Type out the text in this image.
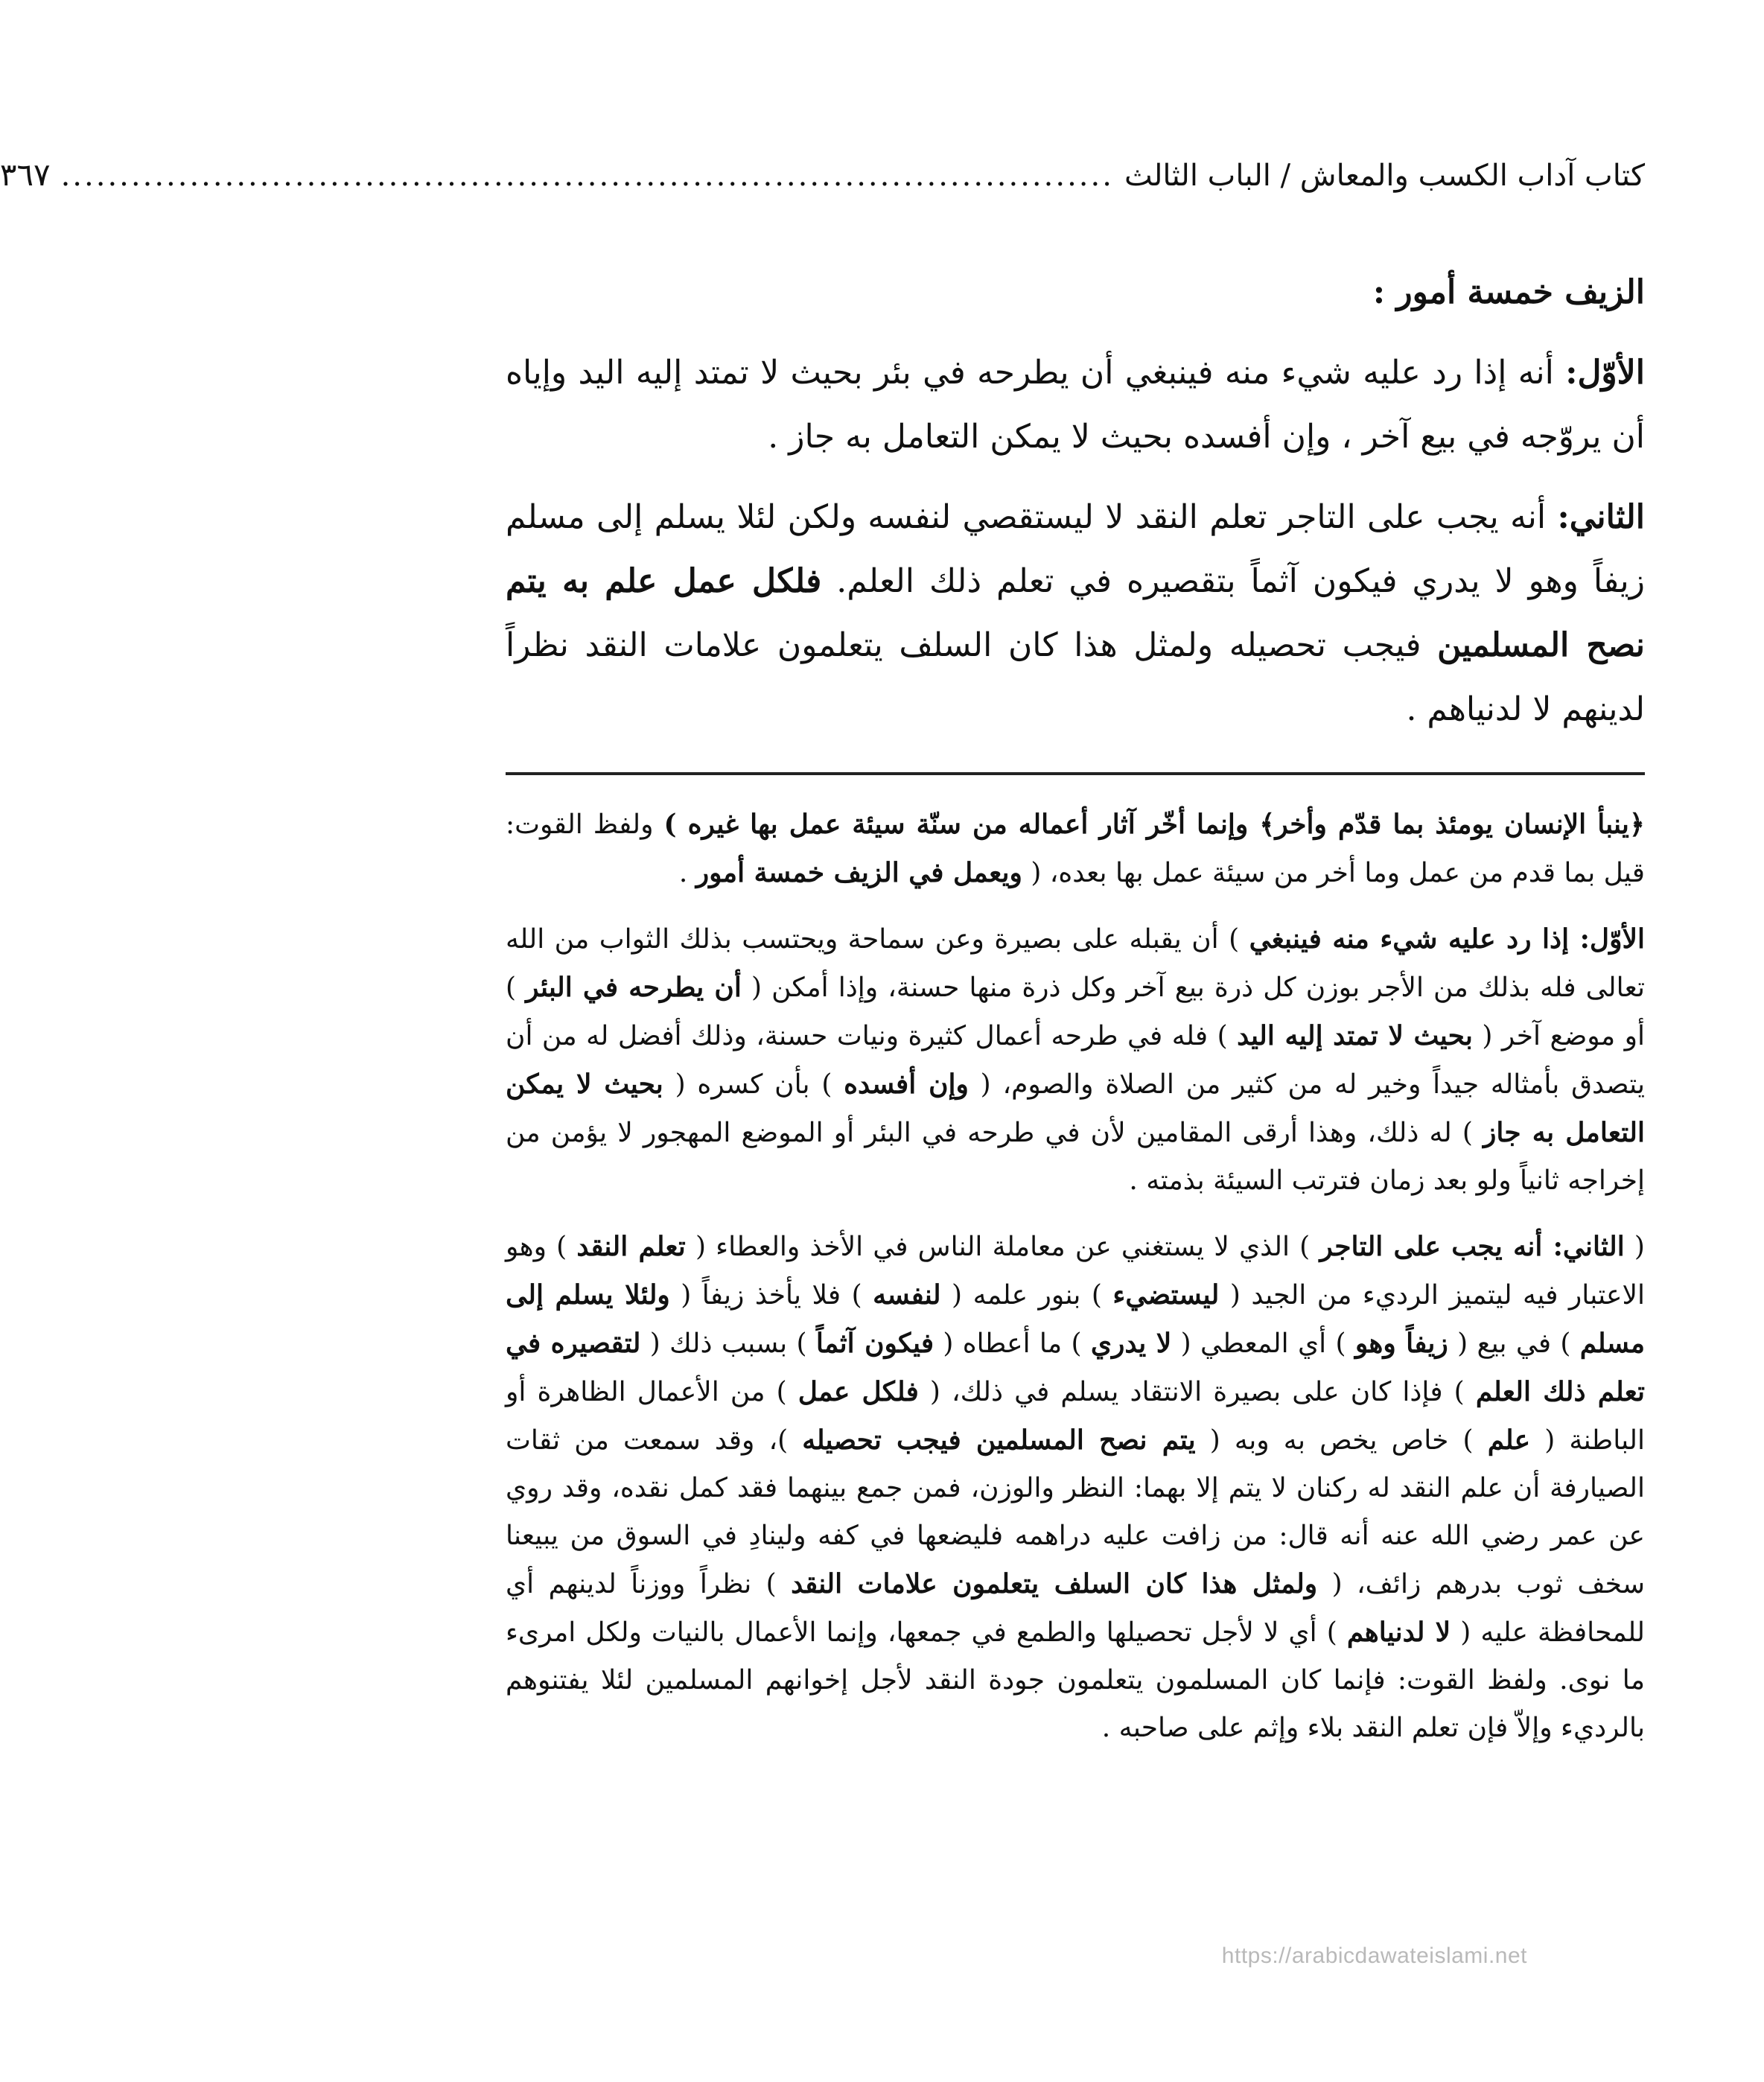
كتاب آداب الكسب والمعاش / الباب الثالث
..........................................................................................
٣٦٧

الزيف خمسة أمور :

الأوّل: أنه إذا رد عليه شيء منه فينبغي أن يطرحه في بئر بحيث لا تمتد إليه اليد وإياه أن يروّجه في بيع آخر ، وإن أفسده بحيث لا يمكن التعامل به جاز .

الثاني: أنه يجب على التاجر تعلم النقد لا ليستقصي لنفسه ولكن لئلا يسلم إلى مسلم زيفاً وهو لا يدري فيكون آثماً بتقصيره في تعلم ذلك العلم. فلكل عمل علم به يتم نصح المسلمين فيجب تحصيله ولمثل هذا كان السلف يتعلمون علامات النقد نظراً لدينهم لا لدنياهم .

﴿ينبأ الإنسان يومئذ بما قدّم وأخر﴾ وإنما أخّر آثار أعماله من سنّة سيئة عمل بها غيره ) ولفظ القوت: قيل بما قدم من عمل وما أخر من سيئة عمل بها بعده، ( ويعمل في الزيف خمسة أمور .

الأوّل: إذا رد عليه شيء منه فينبغي ) أن يقبله على بصيرة وعن سماحة ويحتسب بذلك الثواب من الله تعالى فله بذلك من الأجر بوزن كل ذرة بيع آخر وكل ذرة منها حسنة، وإذا أمكن ( أن يطرحه في البئر ) أو موضع آخر ( بحيث لا تمتد إليه اليد ) فله في طرحه أعمال كثيرة ونيات حسنة، وذلك أفضل له من أن يتصدق بأمثاله جيداً وخير له من كثير من الصلاة والصوم، ( وإن أفسده ) بأن كسره ( بحيث لا يمكن التعامل به جاز ) له ذلك، وهذا أرقى المقامين لأن في طرحه في البئر أو الموضع المهجور لا يؤمن من إخراجه ثانياً ولو بعد زمان فترتب السيئة بذمته .

( الثاني: أنه يجب على التاجر ) الذي لا يستغني عن معاملة الناس في الأخذ والعطاء ( تعلم النقد ) وهو الاعتبار فيه ليتميز الرديء من الجيد ( ليستضيء ) بنور علمه ( لنفسه ) فلا يأخذ زيفاً ( ولئلا يسلم إلى مسلم ) في بيع ( زيفاً وهو ) أي المعطي ( لا يدري ) ما أعطاه ( فيكون آثماً ) بسبب ذلك ( لتقصيره في تعلم ذلك العلم ) فإذا كان على بصيرة الانتقاد يسلم في ذلك، ( فلكل عمل ) من الأعمال الظاهرة أو الباطنة ( علم ) خاص يخص به وبه ( يتم نصح المسلمين فيجب تحصيله )، وقد سمعت من ثقات الصيارفة أن علم النقد له ركنان لا يتم إلا بهما: النظر والوزن، فمن جمع بينهما فقد كمل نقده، وقد روي عن عمر رضي الله عنه أنه قال: من زافت عليه دراهمه فليضعها في كفه ولينادِ في السوق من يبيعنا سخف ثوب بدرهم زائف، ( ولمثل هذا كان السلف يتعلمون علامات النقد ) نظراً ووزناً لدينهم أي للمحافظة عليه ( لا لدنياهم ) أي لا لأجل تحصيلها والطمع في جمعها، وإنما الأعمال بالنيات ولكل امرىء ما نوى. ولفظ القوت: فإنما كان المسلمون يتعلمون جودة النقد لأجل إخوانهم المسلمين لئلا يفتنوهم بالرديء وإلاّ فإن تعلم النقد بلاء وإثم على صاحبه .

https://arabicdawateislami.net
